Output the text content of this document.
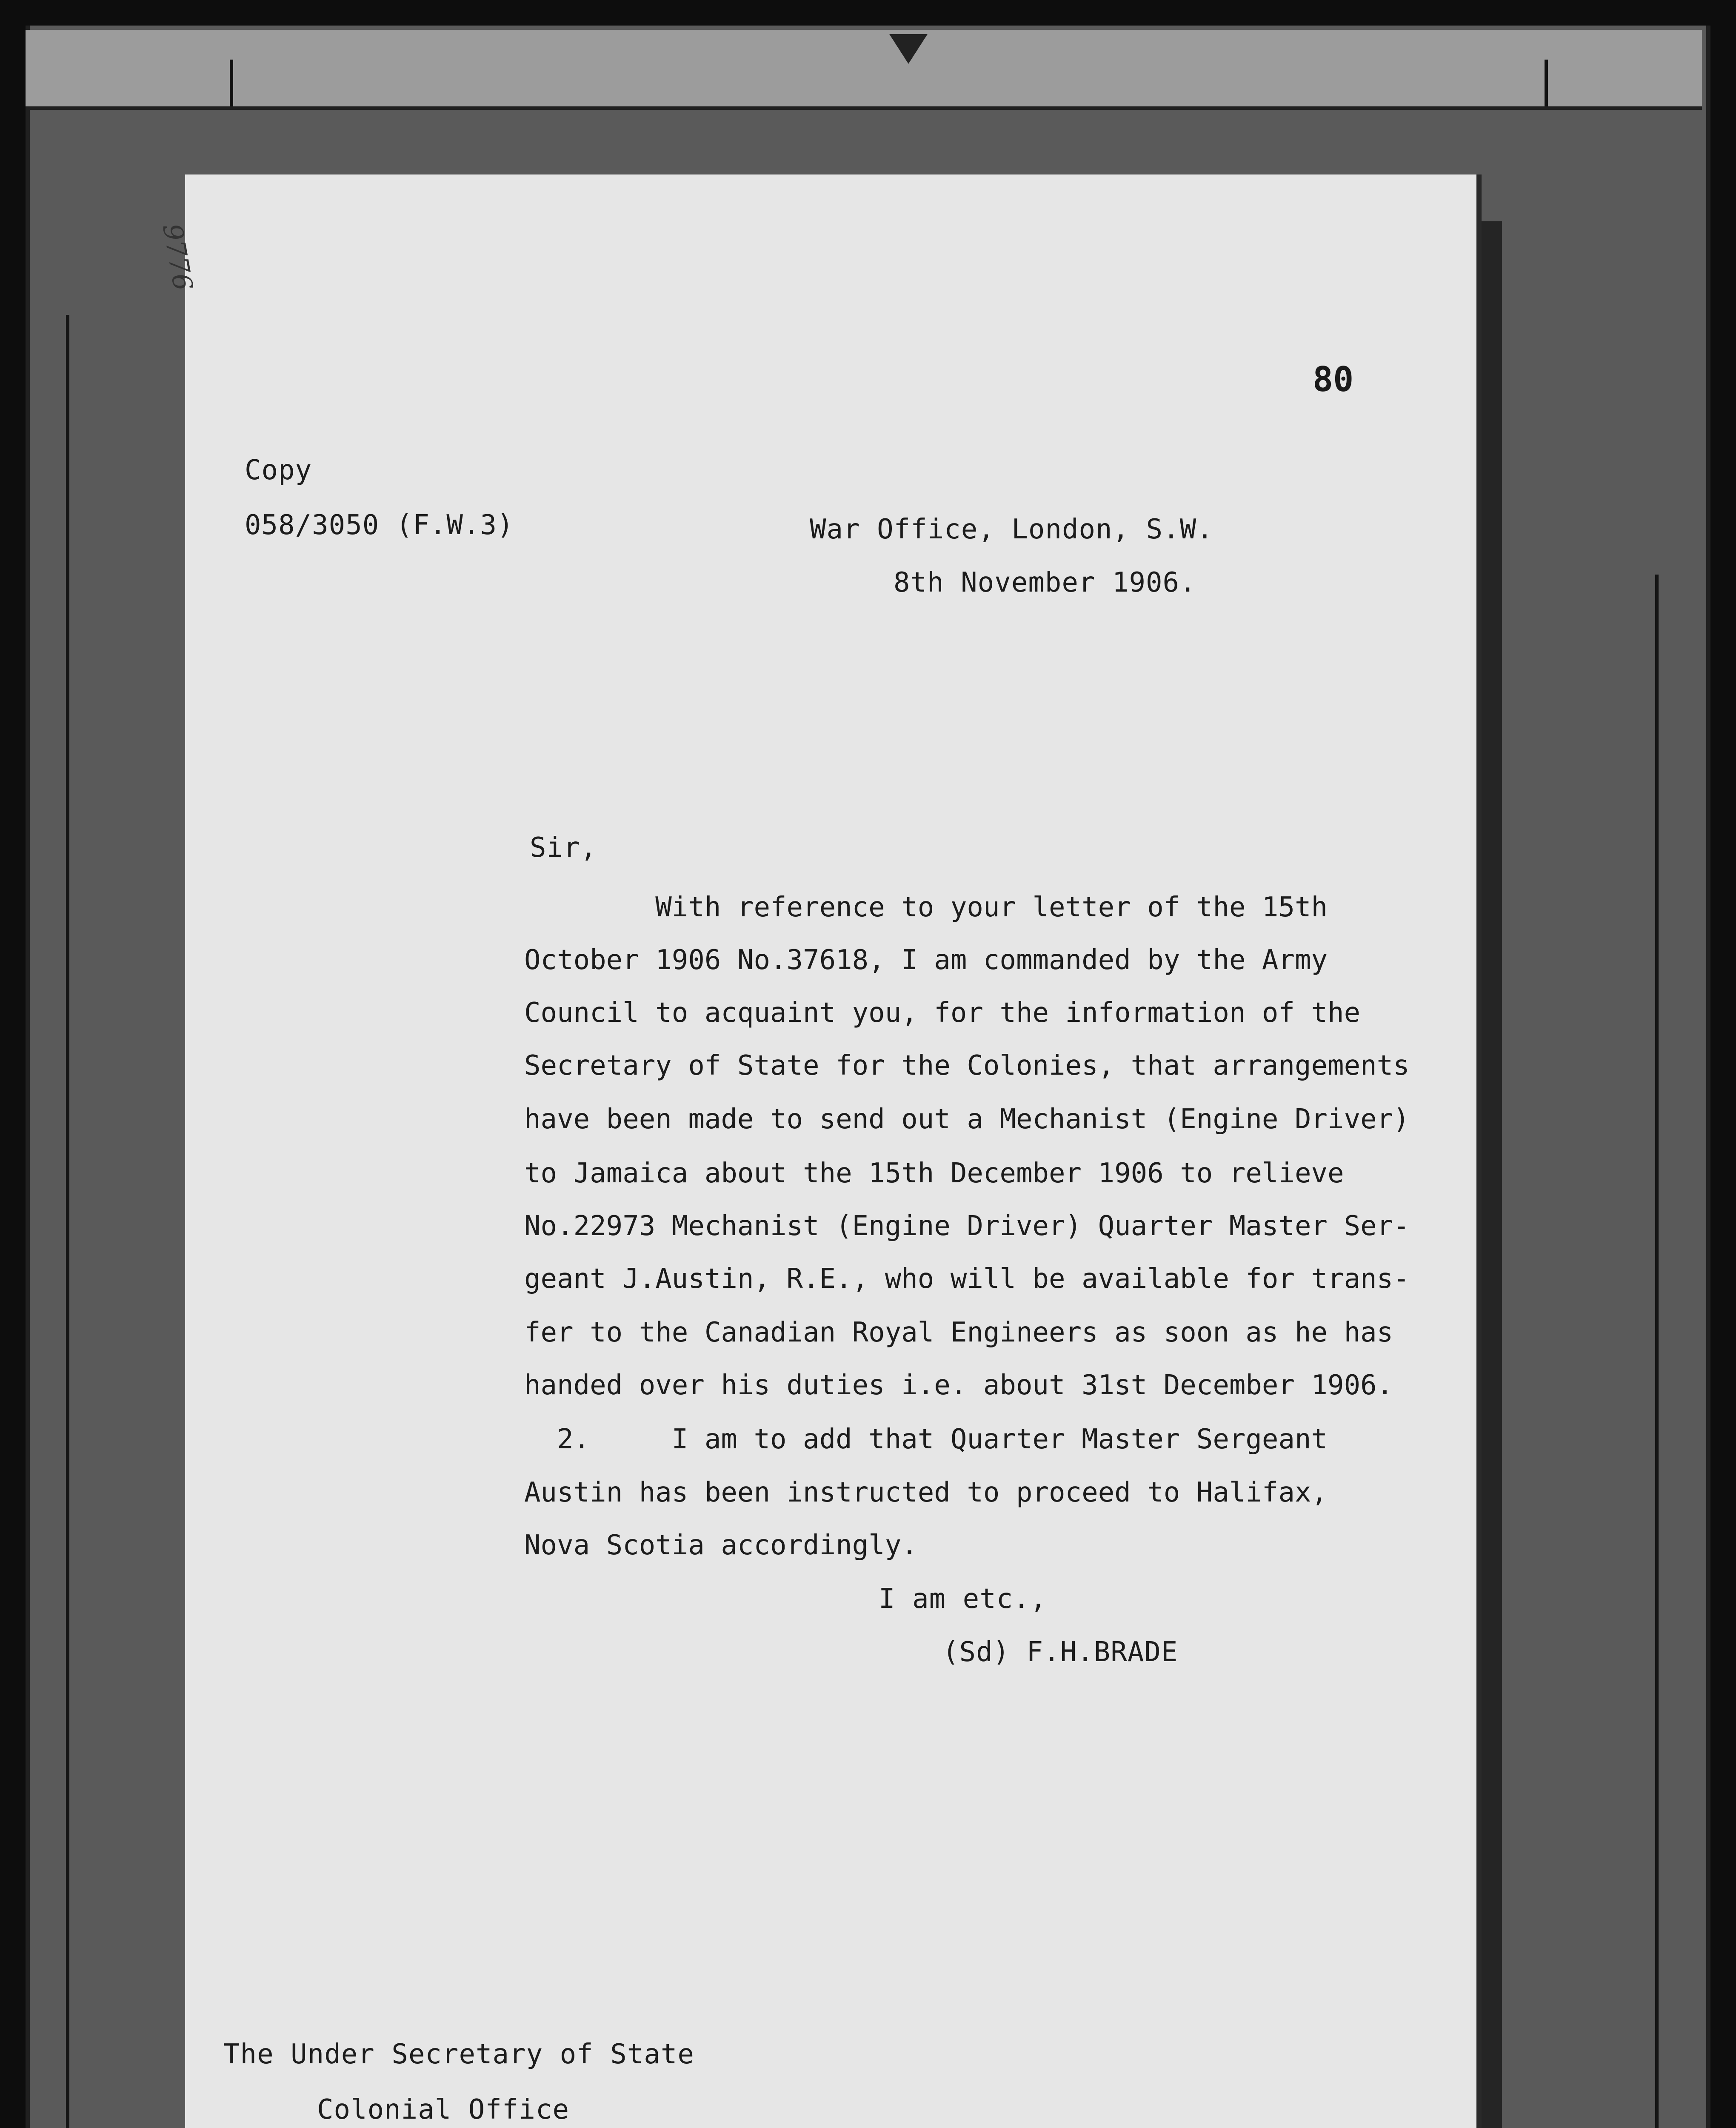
9776
80
Copy
058/3050 (F.W.3)	War Office, London, S.W.
8th November 1906.
Sir,
With reference to your letter of the 15th
October 1906 No.37618, I am commanded by the Army
Council to acquaint you, for the information of the
Secretary of State for the Colonies, that arrangements
have been made to send out a Mechanist (Engine Driver)
to Jamaica about the 15th December 1906 to relieve
No.22973 Mechanist (Engine Driver) Quarter Master Ser-
geant J.Austin, R.E., who will be available for trans-
fer to the Canadian Royal Engineers as soon as he has
handed over his duties i.e. about 31st December 1906.
2.     I am to add that Quarter Master Sergeant
Austin has been instructed to proceed to Halifax,
Nova Scotia accordingly.
I am etc.,
(Sd) F.H.BRADE
The Under Secretary of State
Colonial Office
